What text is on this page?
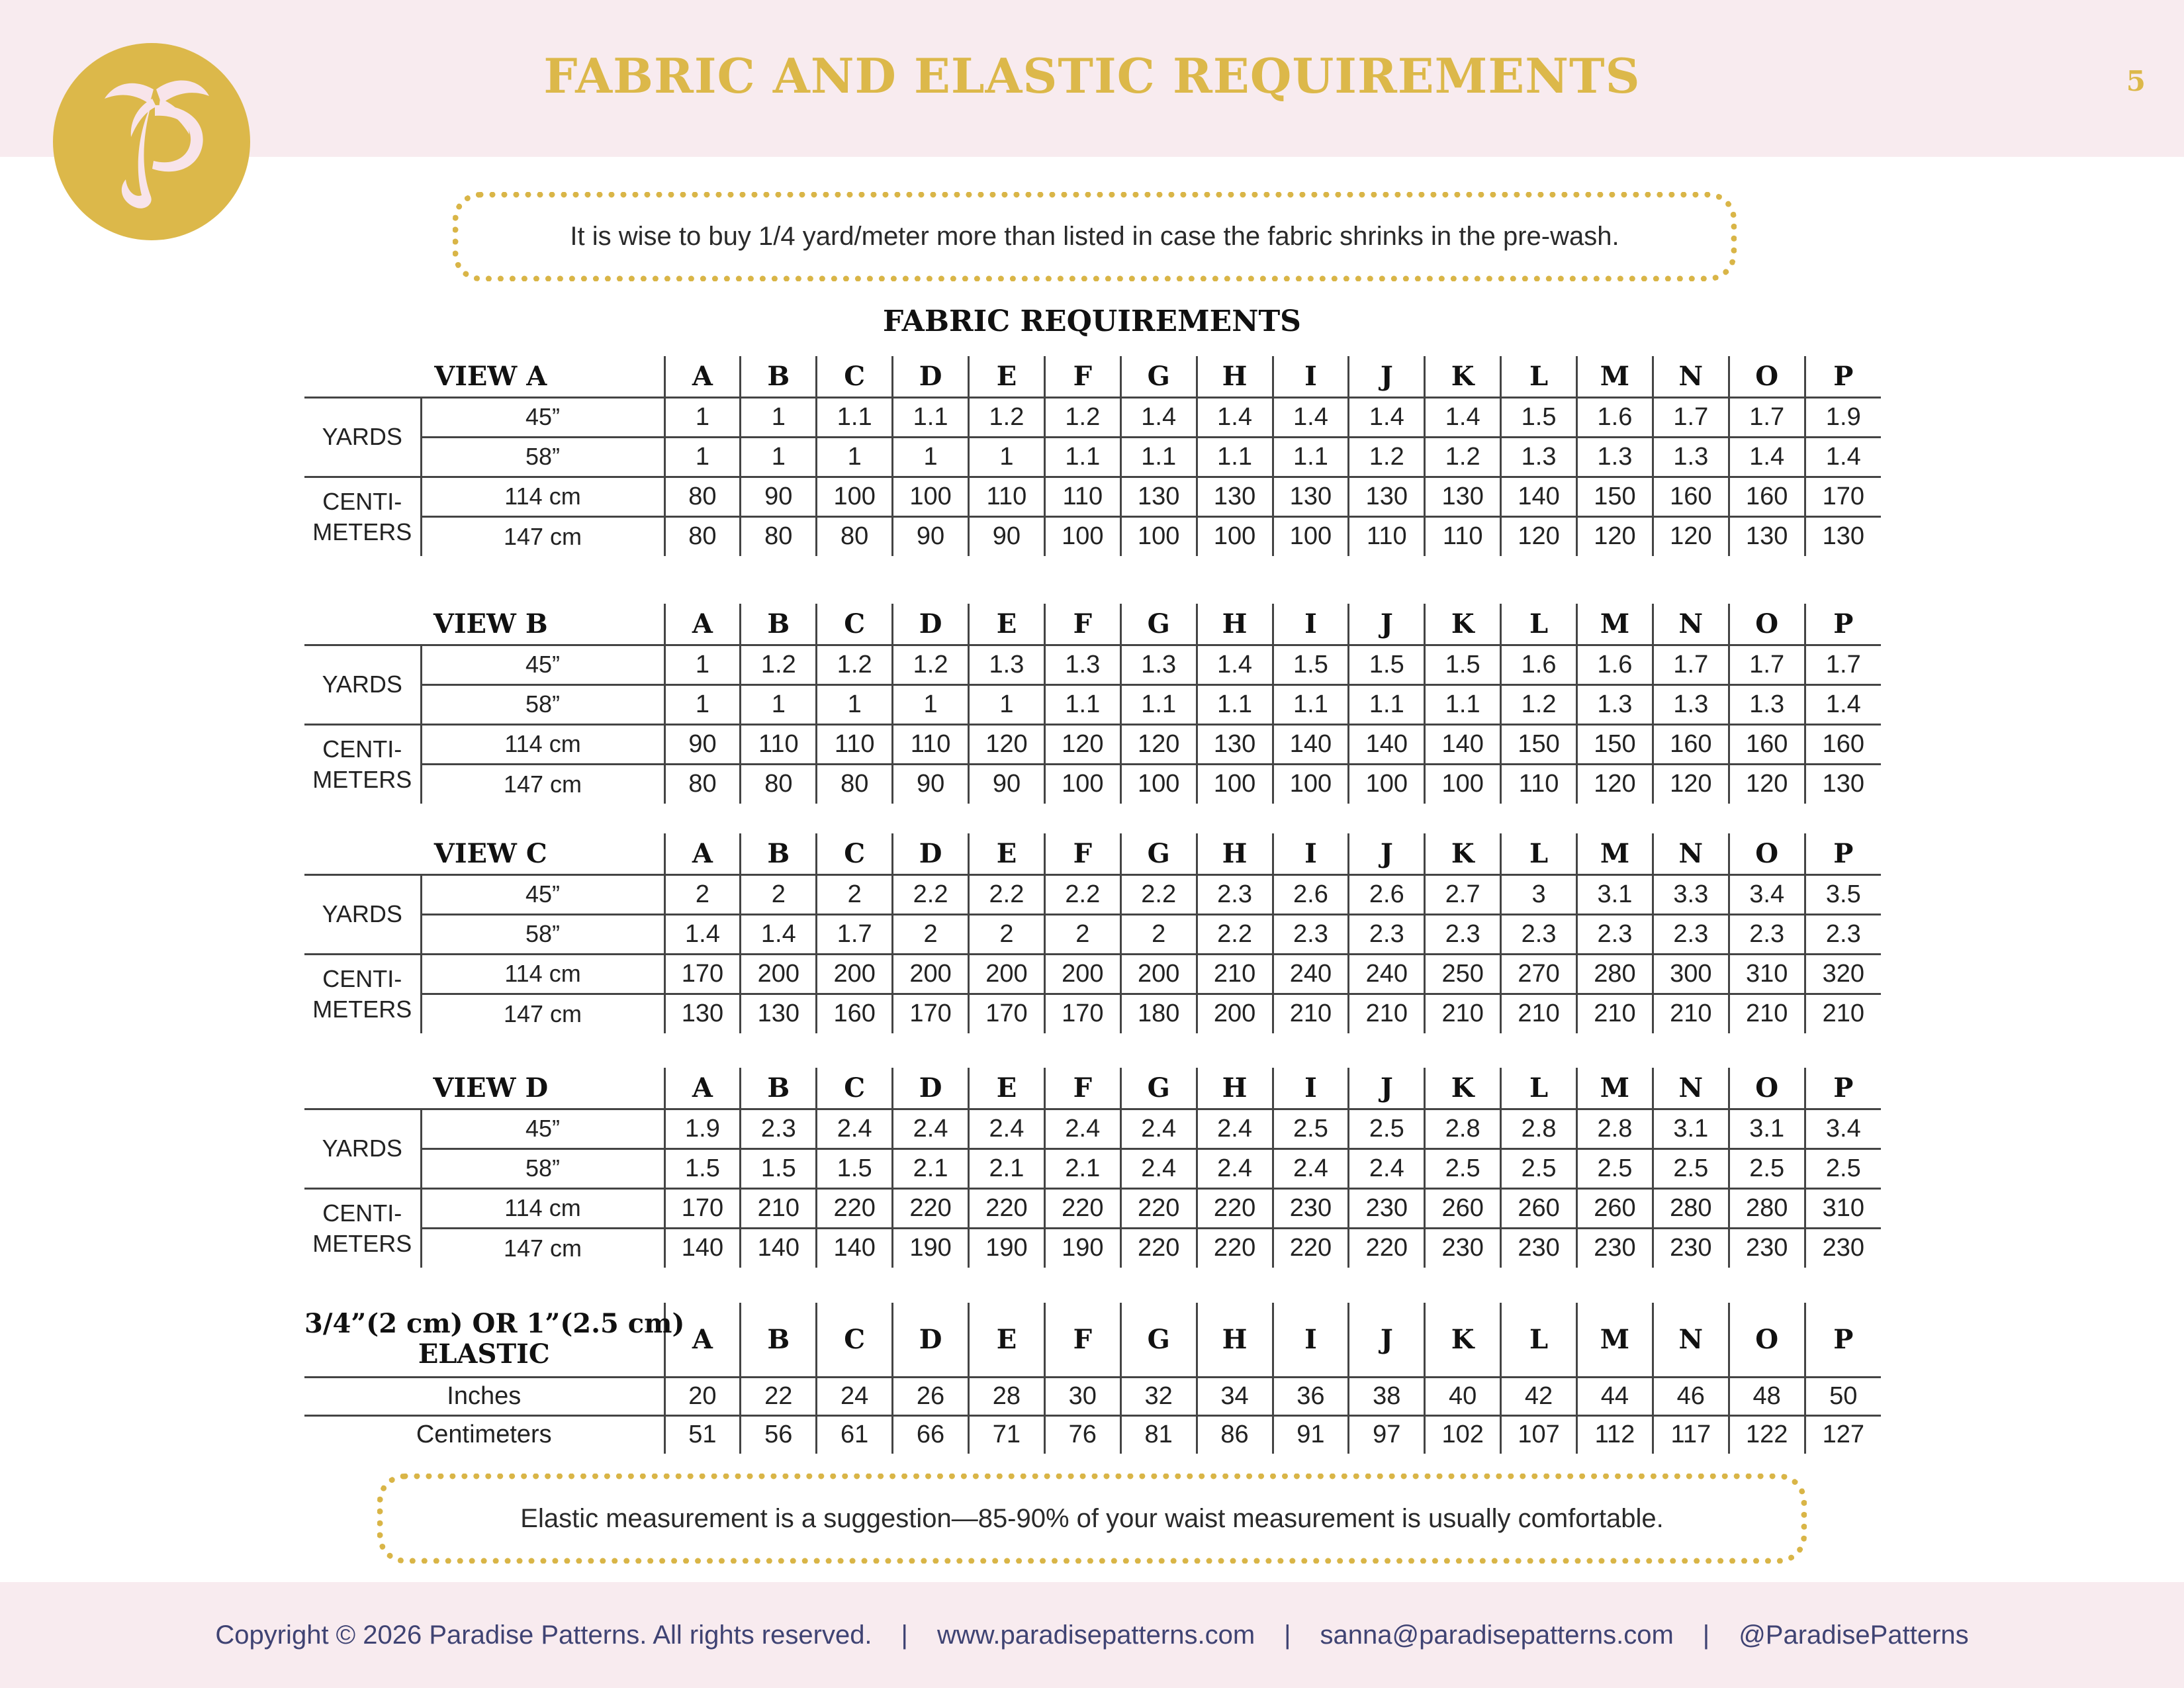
FABRIC AND ELASTIC REQUIREMENTS	5
It is wise to buy 1/4 yard/meter more than listed in case the fabric shrinks in the pre-wash.
FABRIC REQUIREMENTS
VIEW A		A	B	C	D	E	F	G	H	I	J	K	L	M	N	O	P
YARDS	45”	1	1	1.1	1.1	1.2	1.2	1.4	1.4	1.4	1.4	1.4	1.5	1.6	1.7	1.7	1.9
	58”	1	1	1	1	1	1.1	1.1	1.1	1.1	1.2	1.2	1.3	1.3	1.3	1.4	1.4

CENTI-
METERS	114 cm	80	90	100	100	110	110	130	130	130	130	130	140	150	160	160	170
	147 cm	80	80	80	90	90	100	100	100	100	110	110	120	120	120	130	130
VIEW B		A	B	C	D	E	F	G	H	I	J	K	L	M	N	O	P
YARDS	45”	1	1.2	1.2	1.2	1.3	1.3	1.3	1.4	1.5	1.5	1.5	1.6	1.6	1.7	1.7	1.7
	58”	1	1	1	1	1	1.1	1.1	1.1	1.1	1.1	1.1	1.2	1.3	1.3	1.3	1.4

CENTI-
METERS	114 cm	90	110	110	110	120	120	120	130	140	140	140	150	150	160	160	160
	147 cm	80	80	80	90	90	100	100	100	100	100	100	110	120	120	120	130
VIEW C		A	B	C	D	E	F	G	H	I	J	K	L	M	N	O	P
YARDS	45”	2	2	2	2.2	2.2	2.2	2.2	2.3	2.6	2.6	2.7	3	3.1	3.3	3.4	3.5
	58”	1.4	1.4	1.7	2	2	2	2	2.2	2.3	2.3	2.3	2.3	2.3	2.3	2.3	2.3

CENTI-
METERS	114 cm	170	200	200	200	200	200	200	210	240	240	250	270	280	300	310	320
	147 cm	130	130	160	170	170	170	180	200	210	210	210	210	210	210	210	210
VIEW D		A	B	C	D	E	F	G	H	I	J	K	L	M	N	O	P
YARDS	45”	1.9	2.3	2.4	2.4	2.4	2.4	2.4	2.4	2.5	2.5	2.8	2.8	2.8	3.1	3.1	3.4
	58”	1.5	1.5	1.5	2.1	2.1	2.1	2.4	2.4	2.4	2.4	2.5	2.5	2.5	2.5	2.5	2.5

CENTI-
METERS	114 cm	170	210	220	220	220	220	220	220	230	230	260	260	260	280	280	310
	147 cm	140	140	140	190	190	190	220	220	220	220	230	230	230	230	230	230
3/4”(2 cm) OR 1”(2.5 cm)
ELASTIC	A	B	C	D	E	F	G	H	I	J	K	L	M	N	O	P
Inches	20	22	24	26	28	30	32	34	36	38	40	42	44	46	48	50
Centimeters	51	56	61	66	71	76	81	86	91	97	102	107	112	117	122	127
Elastic measurement is a suggestion—85-90% of your waist measurement is usually comfortable.
Copyright © 2026 Paradise Patterns. All rights reserved. | www.paradisepatterns.com | sanna@paradisepatterns.com | @ParadisePatterns
